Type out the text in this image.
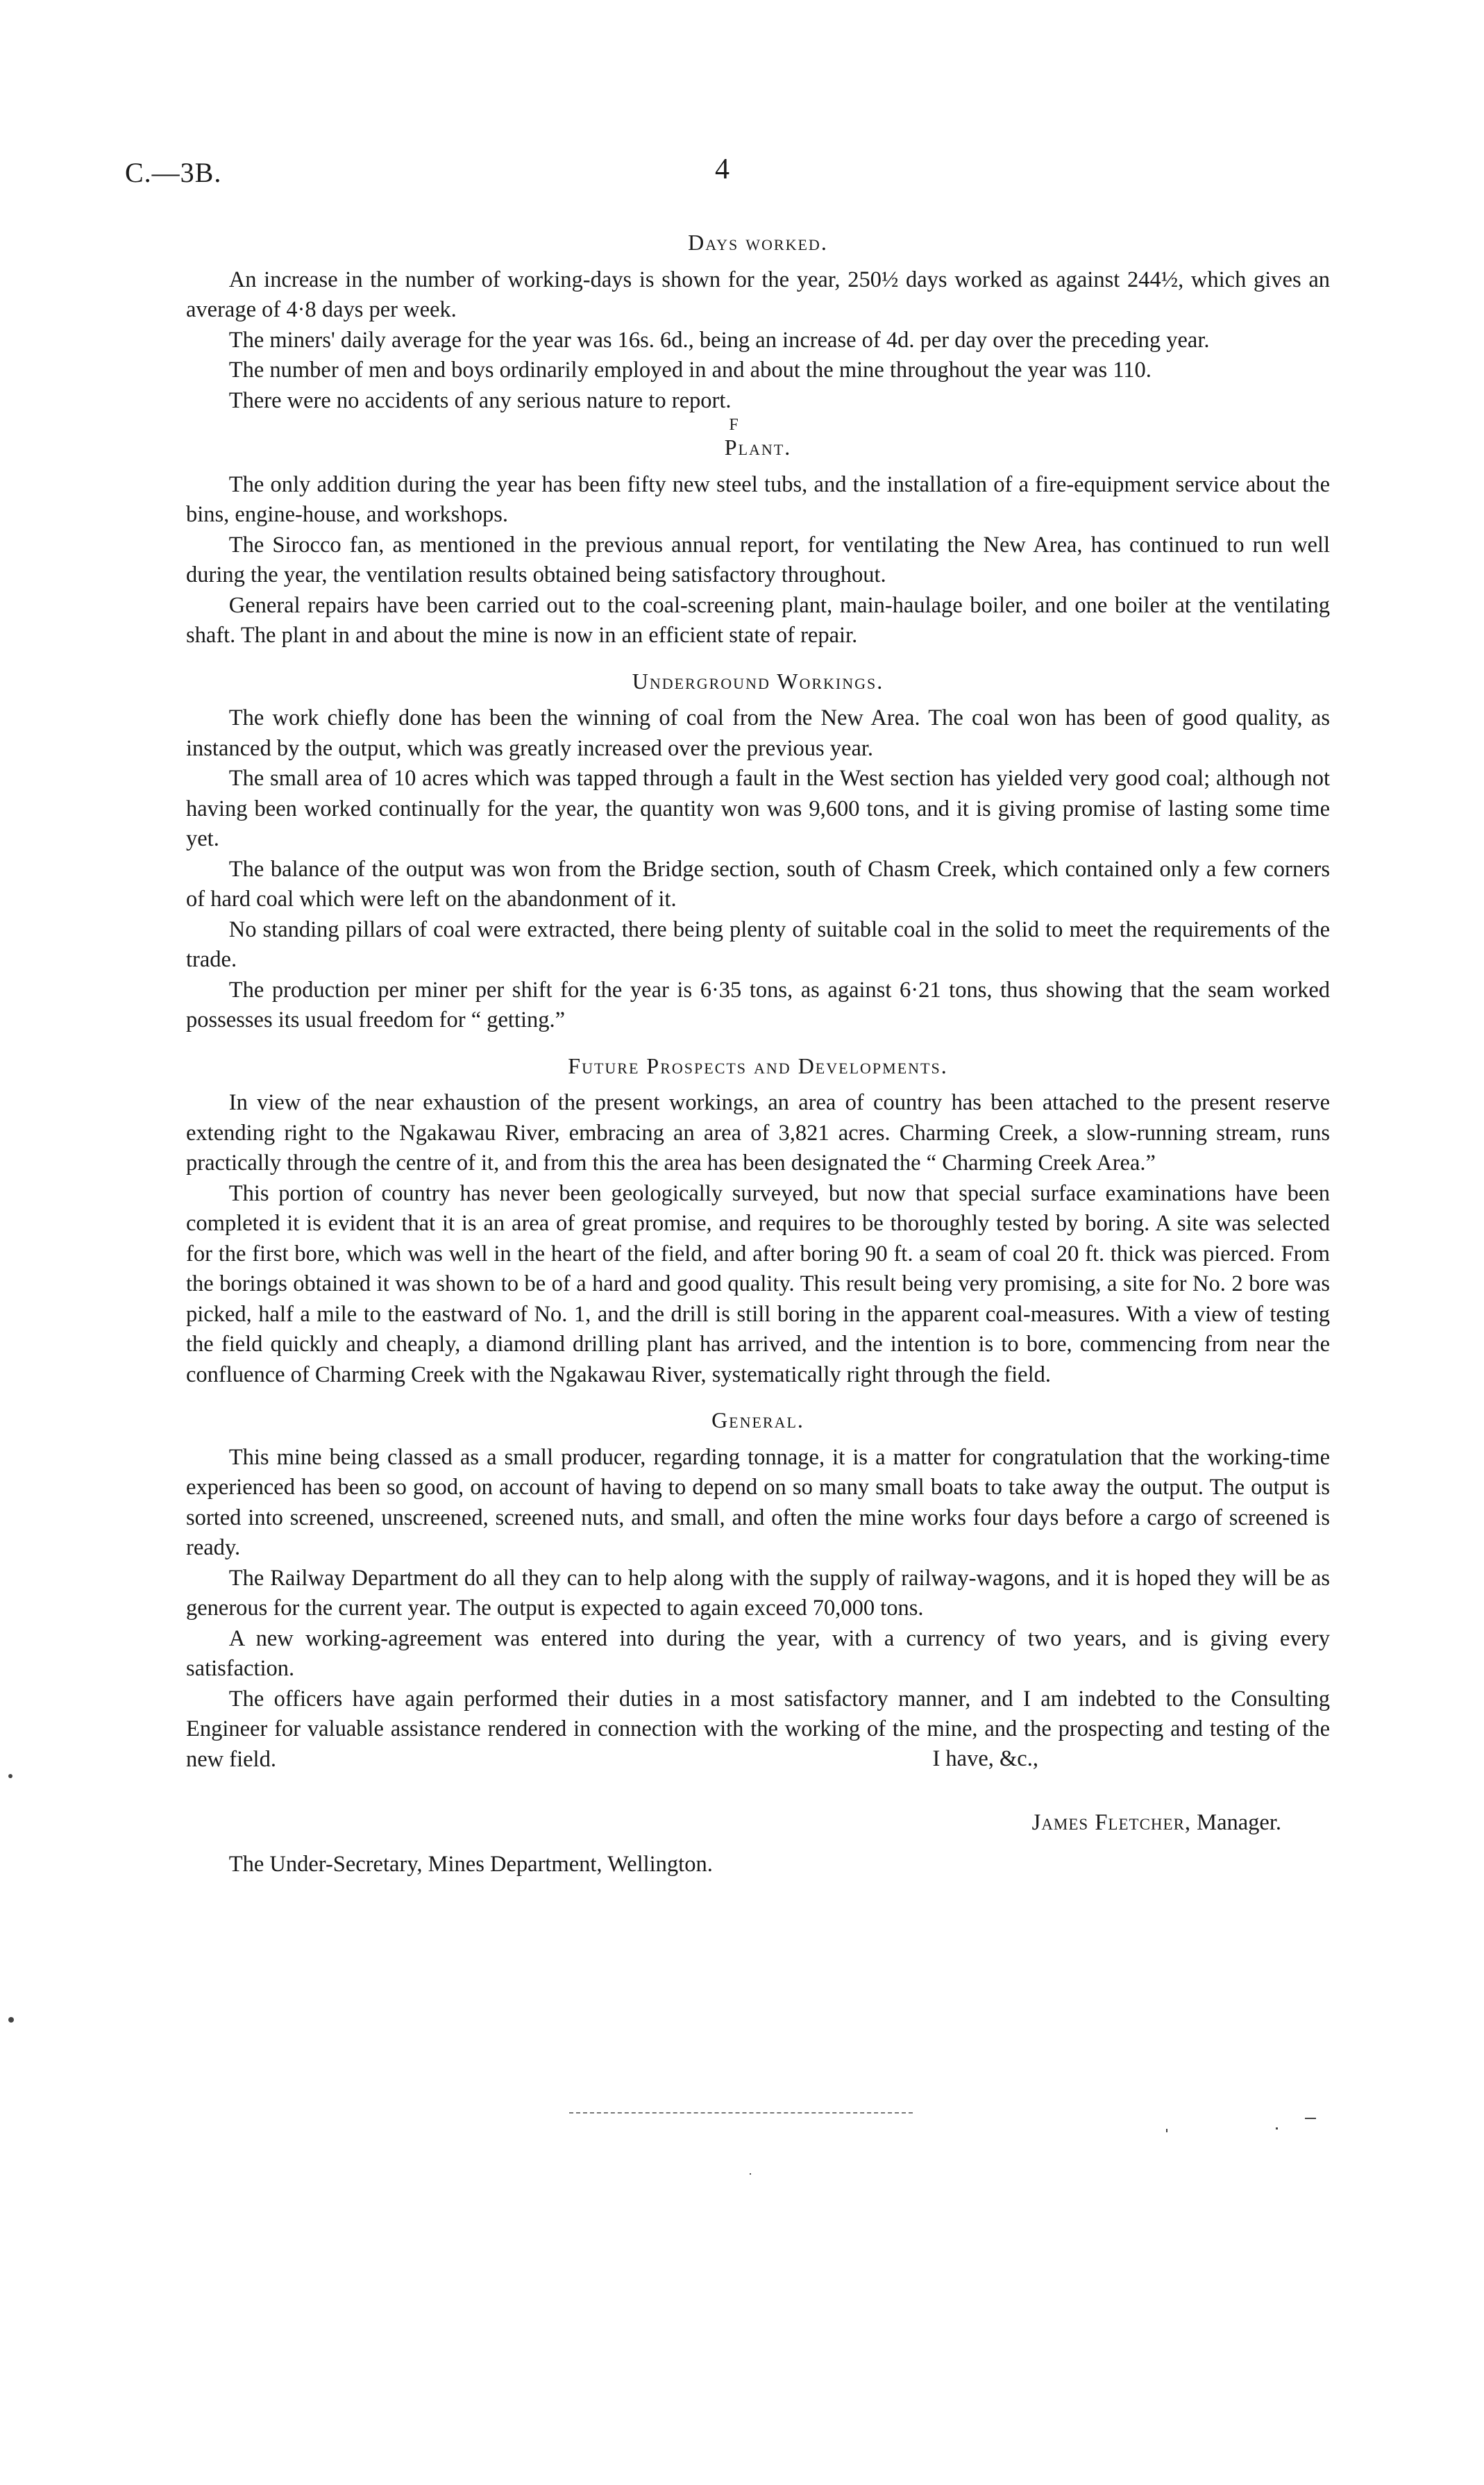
C.—3B.	4
Days worked.

An increase in the number of working-days is shown for the year, 250½ days worked as against 244½, which gives an average of 4·8 days per week.

The miners' daily average for the year was 16s. 6d., being an increase of 4d. per day over the preceding year.

The number of men and boys ordinarily employed in and about the mine throughout the year was 110.

There were no accidents of any serious nature to report.

F
Plant.

The only addition during the year has been fifty new steel tubs, and the installation of a fire-equipment service about the bins, engine-house, and workshops.

The Sirocco fan, as mentioned in the previous annual report, for ventilating the New Area, has continued to run well during the year, the ventilation results obtained being satisfactory throughout.

General repairs have been carried out to the coal-screening plant, main-haulage boiler, and one boiler at the ventilating shaft. The plant in and about the mine is now in an efficient state of repair.

Underground Workings.

The work chiefly done has been the winning of coal from the New Area. The coal won has been of good quality, as instanced by the output, which was greatly increased over the previous year.

The small area of 10 acres which was tapped through a fault in the West section has yielded very good coal; although not having been worked continually for the year, the quantity won was 9,600 tons, and it is giving promise of lasting some time yet.

The balance of the output was won from the Bridge section, south of Chasm Creek, which contained only a few corners of hard coal which were left on the abandonment of it.

No standing pillars of coal were extracted, there being plenty of suitable coal in the solid to meet the requirements of the trade.

The production per miner per shift for the year is 6·35 tons, as against 6·21 tons, thus showing that the seam worked possesses its usual freedom for “ getting.”

Future Prospects and Developments.

In view of the near exhaustion of the present workings, an area of country has been attached to the present reserve extending right to the Ngakawau River, embracing an area of 3,821 acres. Charming Creek, a slow-running stream, runs practically through the centre of it, and from this the area has been designated the “ Charming Creek Area.”

This portion of country has never been geologically surveyed, but now that special surface examinations have been completed it is evident that it is an area of great promise, and requires to be thoroughly tested by boring. A site was selected for the first bore, which was well in the heart of the field, and after boring 90 ft. a seam of coal 20 ft. thick was pierced. From the borings obtained it was shown to be of a hard and good quality. This result being very promising, a site for No. 2 bore was picked, half a mile to the eastward of No. 1, and the drill is still boring in the apparent coal-measures. With a view of testing the field quickly and cheaply, a diamond drilling plant has arrived, and the intention is to bore, commencing from near the confluence of Charming Creek with the Ngakawau River, systematically right through the field.

General.

This mine being classed as a small producer, regarding tonnage, it is a matter for congratulation that the working-time experienced has been so good, on account of having to depend on so many small boats to take away the output. The output is sorted into screened, unscreened, screened nuts, and small, and often the mine works four days before a cargo of screened is ready.

The Railway Department do all they can to help along with the supply of railway-wagons, and it is hoped they will be as generous for the current year. The output is expected to again exceed 70,000 tons.

A new working-agreement was entered into during the year, with a currency of two years, and is giving every satisfaction.

The officers have again performed their duties in a most satisfactory manner, and I am indebted to the Consulting Engineer for valuable assistance rendered in connection with the working of the mine, and the prospecting and testing of the new field.	I have, &c.,
James Fletcher, Manager.

The Under-Secretary, Mines Department, Wellington.
